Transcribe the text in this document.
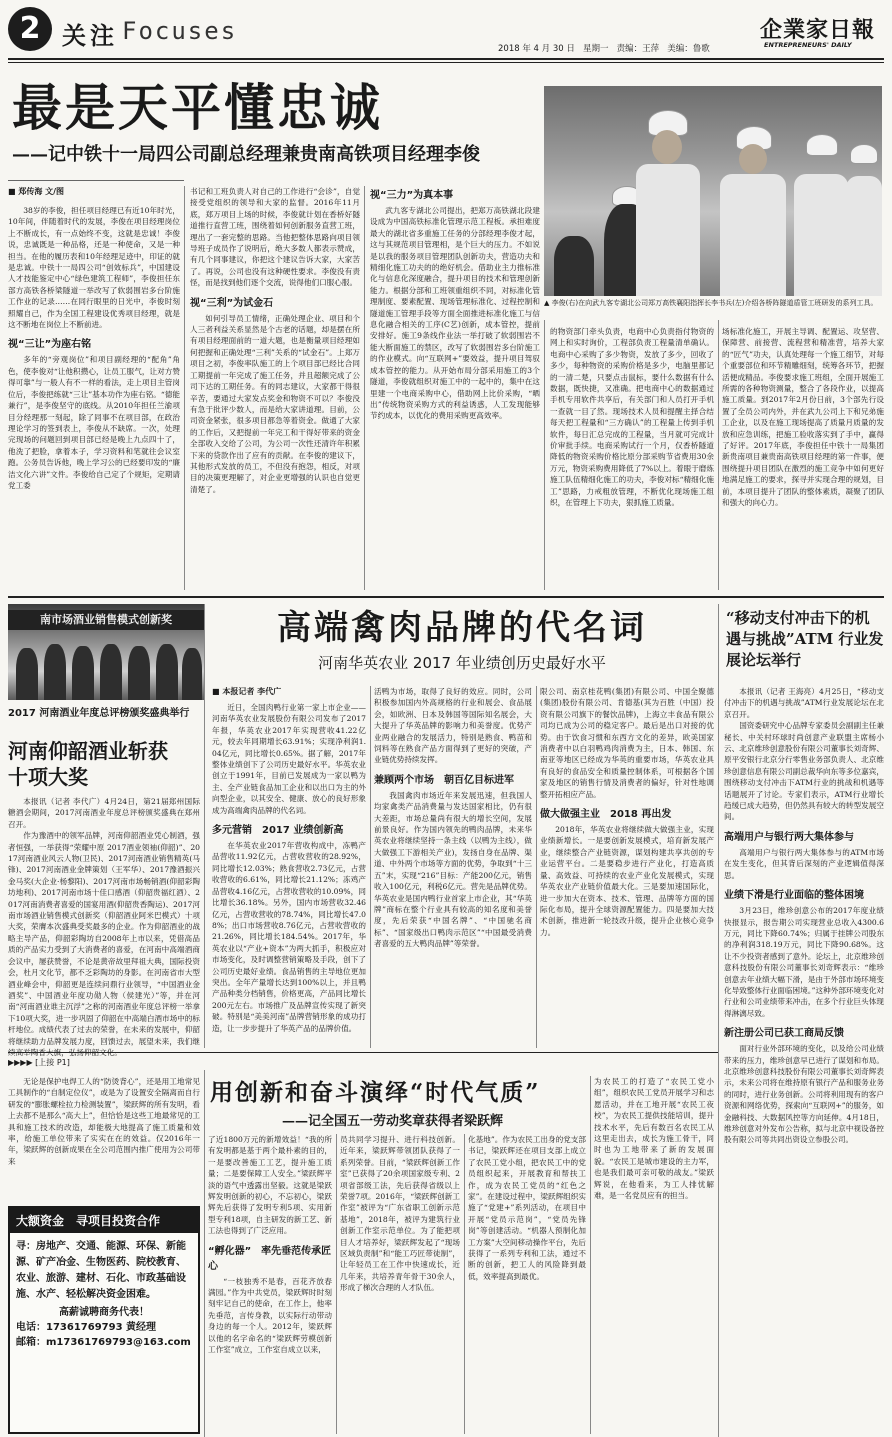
2 关注 Focuses
2018 年 4 月 30 日 星期一 责编：王萍 美编：鲁歌
企業家日報
ENTREPRENEURS' DAILY
最是天平懂忠诚
——记中铁十一局四公司副总经理兼贵南高铁项目经理李俊
▲ 李俊(右)在向武九客专湖北公司郑万高铁襄阳指挥长李书兵(左)介绍各桥阵隧道盾管工班研发的系列工具。
■ 郑传海 文/图
38岁的李俊，担任项目经理已有近10年时光，10年间，伴随着时代的发展，李俊在项目经理岗位上不断成长，有一点始终不变，这就是忠诚！李俊说，忠诚既是一种品格，还是一种使命，又是一种担当。在他的履历表和10年经理足迹中，印证的就是忠诚。中铁十一局四公司“创效标兵”，中国建设人才技能鉴定中心“绿色建筑工程师”，李俊担任东部方高铁各桥梁隧道一举改写了软弱围岩多台阶施工作业的记录……在同行眼里的日光中，李俊时刻照耀自己，作为全国工程建设优秀项目经理，就是这不断地在岗位上不断前进。
视“三让”为座右铭
多年的“旁观岗位”和项目副经理的“配角”角色，使李俊对“让他积攒心，让员工服气，让对方赞得可靠”与一般人有不一样的看法，走上项目主管岗位后，李俊把练就“三让”基本功作为座右铭。“德能兼行”，是李俊坚守的底线。从2010年担任兰渝项目分经理那一刻起，除了同事不在项目部，在政治理论学习的签到表上，李俊从不缺席。一次，处理完现场的问题回到项目部已经是晚上九点四十了，他洗了把脸，拿着本子，学习资料和笔就往会议室跑。公务员告诉他，晚上学习公的已经要印发的“廉洁文化六讲”文件。李俊给自己定了个规矩，定期请党工委
书记和工班负责人对自己的工作进行“会诊”，自觉接受党组织的领导和大家的监督。2016年11月底，郑万项目上场的时候，李俊就计划在香桥好隧道推行直营工班，围绕着如何创新服务直营工班，理出了一套完整的思路。当他把整体思路向项目领导班子成员作了说明后，绝大多数人都表示赞成，有几个同事建议，你把这个建议告诉大家，大家苦了。再说，公司也没有这种硬性要求。李俊没有责怪，而是找到他们逐个交流，说得他们口服心服。
视“三利”为试金石
如何引导员工情绪，正确处理企业、项目和个人三者利益关系显然是个古老的话题，却是摆在所有项目经理面前的一道大题，也是衡量项目经理如何把握和正确处理“三利”关系的“试金石”。上郑万项目之初，李俊率队施工的上个项目部已经比合同工期提前一年完成了施工任务，并且超额完成了公司下达的工期任务。有的同志建议，大家都干得很辛苦，要通过大家发点奖金和物资不可以？李俊没有急于批评少数人，而是给大家讲道理。目前，公司资金紧张，很多项目都急等着资金。做通了大家的工作后，又把提前一年完工和干得好带来的资金全部收入交给了公司，为公司一次性还清许年积累下来的贷款作出了应有的贡献。在李俊的建议下，其他形式发放的员工，不但没有抱怨，相反，对项目的决策更理解了，对企业更增强的认识也自觉更清楚了。
视“三力”为真本事
武九客专湖北公司提出，把郑万高铁湖北段建设成为中国高铁标准化管理示范工程板。承担难度最大的湖北省多重施工任务的分部经理李俊才起，这与其规范项目管理相，是个巨大的压力。不如说是以我的服务项目管理团队创新功夫，营造功夫和精细化施工功夫的的绝好机会。借助业主力推标准化与信息化深度融合，提升项目的技术和管理创新能力。根据分部和工班领重组织不同，对标准化管理制度、要素配置、现场管理标准化、过程控制和隧道施工管理手段等方面全面推进标准化施工与信息化融合相关的工序(C艺)创新，成本管控，提前安排好。施工9条线作业法一举打破了软弱围岩不能大断面施工的禁区，改写了软弱围岩多台阶施工的作业模式。向“互联网+”要效益，提升项目驾驭成本管控的能力。从开始布局分部采用施工的3个隧道，李俊就组织对施工中的一起中的，集中在这里建一个电商采购中心，借助网上比价采购，“晒出”传统物资采购方式的利益诱惑，人工发现能够节约成本，以优化的费用采购更高效率。
的物资部门牵头负责，电商中心负责指付物资的网上和实时询价，工程部负责工程量清单确认。电商中心采购了多少物资，发放了多少，回收了多少，每种物资的采购价格是多少，电脑里都记的一清二楚，只要点击鼠标，要什么数据有什么数据，既快捷，又准确。把电商中心的数据通过手机专用软件共享后，有关部门和人员打开手机一查就一目了然。现场技术人员和提醒主择合结每天把工程量和“三方确认”的工程量上传到手机软件，每日汇总完成的工程量，当月就可完成计价审批手续。电商采购试行一个月，仅香桥隧道降低的物资采购价格比原分部采购节省费用30余万元，物资采购费用降低了7%以上。着眼于磨炼施工队伍精细化施工的功夫，李俊对标“精细化施工”思路，力戒粗放管理，不断优化现场施工组织，在管理上下功夫，狠抓施工质量。
场标准化施工，开展主导调、配置运、攻坚营、保障营、前接营、流程营和精准营，培养大家的“匠气”功夫，认真处理每一个施工细节，对每个重要部位和环节精雕细刻，统筹各环节，把握活便成精品。李俊要求施工班组，全面开展施工所需的各种物资测量，整合了各段作业，以提高施工质量。到2017年2月份日前，3个部先行设置了全员公司内外，并在武九公司上下和兄弟施工企业，以及在施工现场提高了质量月质量的发放和应急训练，把施工验收落实到了手中，赢得了好评。2017年底，李俊担任中铁十一局集团新贵南项目兼贵南高铁项目经理的第一件事，便围绕提升项目团队在激烈的施工竞争中如何更好地满足施工的要求，探寻并实现合理的规划，目前，本项目提升了团队的整体素质，凝聚了团队和强大的向心力。
南市场酒业销售模式创新奖
2017 河南酒业年度总评榜颁奖盛典举行
河南仰韶酒业斩获十项大奖
本报讯（记者 李代广）4月24日，第21届郑州国际糖酒会期间，2017河南酒业年度总评榜颁奖盛典在郑州召开。
作为豫酒中的领军品牌，河南仰韶酒业凭心制酒，强者恒强，一举获得“荣耀中原 2017酒业领袖(仰韶)”、2017河南酒业风云人物(卫民)、2017河南酒业销售精英(马锋)、2017河南酒业金牌策划（王军华）、2017豫酒振兴金马奖(大企业·杨黎阳)、2017河南市场畅销酒(仰韶彩陶坊地利)、2017河南市场十佳口感酒（仰韶贵福红酒）、2017河南消费者喜爱的国宴用酒(仰韶贵香陶运)、2017河南市场酒业销售模式创新奖（仰韶酒业阿米巴模式）十项大奖，荣膺本次盛典受奖最多的企业。作为仰韶酒业的战略主导产品，仰韶彩陶坊自2008年上市以来，凭借高品质的产品实力受到了大消费者的喜爱，在河南中高端酒商会议中，屡获赞誉，不论是黄帝故里拜祖大典，国际投资会，杜月文化节，都不乏彩陶坊的身影。在河南省市大型酒业峰会中，仰韶更是连续问鼎行业领导，“中国酒业金酒奖”、中国酒业年度功勋人物（侯建光）”等，并在河南“河南酒业谁主沉浮”之称的河南酒业年度总评榜一举拿下10项大奖，进一步巩固了仰韶在中高端白酒市场中的标杆地位。成绩代表了过去的荣誉，在未来的发展中，仰韶将继续助力品牌发展力度，回馈过去，展望未来，我们继
高端禽肉品牌的代名词
河南华英农业 2017 年业绩创历史最好水平
■ 本报记者 李代广
近日，全国肉鸭行业第一家上市企业——河南华英农业发展股份有限公司发布了2017年报，华英农业2017年实现营收41.22亿元，较去年同期增长63.91%；实现净利润1.04亿元，同比增长0.65%。据了解，2017年整体业绩创下了公司历史最好水平。华英农业创立于1991年，目前已发展成为一家以鸭为主、全产业链食品加工企业和以出口为主的外向型企业，以其安全、健康、放心的良好形象成为高端禽肉品牌的代名词。
多元营销　2017 业绩创新高
在华英农业2017年营收构成中，冻鸭产品营收11.92亿元，占营收营收的28.92%，同比增长12.03%；熟食营收2.73亿元，占营收营收的6.61%，同比增长21.12%；冻鸡产品营收4.16亿元，占营收营收的10.09%，同比增长36.18%。另外，国内市场营收32.46亿元，占营收营收的78.74%，同比增长47.08%；出口市场营收8.76亿元，占营收营收的21.26%，同比增长184.54%。2017年，华英农业以“产业+资本”为两大抓手，积极应对市场变化，及时调整营销策略及手段，创下了公司历史最好业绩。食品销售的主导地位更加突出。全年产量增长达到100%以上，并且鸭产品种类分档销售，价格更高，产品同比增长200元左右。市场推广及品牌宣传实现了新突破。特别是“美美河南”品牌营销形象的成功打造，让一步步提升了华英产品的品牌价值。
活鸭为市场，取得了良好的效应。同时，公司积极参加国内外高规格的行业和展会、食品展会，如欧洲、日本及韩国等国际知名展会，大大提升了华英品牌的影响力和美誉度。优势产业两业融合的发展活力，特别是熟食、鸭苗和饲料等在熟食产品方面得到了更好的突破，产业链优势持续发挥。
兼顾两个市场　朝百亿目标进军
我国禽肉市场近年来发展迅速，但我国人均家禽类产品消费量与发达国家相比，仍有很大差距，市场总量尚有很大的增长空间，发展前景良好。作为国内领先的鸭肉品牌，未来华英农业将继续坚持一条主线（以鸭为主线），做大做强工下游相关产业)，发扬自身在品牌、渠道、中外两个市场等方面的优势，争取到“十三五”末，实现“216”目标：产能200亿元，销售收入100亿元，利税6亿元。营先是品牌优势。华英农业是国内鸭行业首家上市企业，其“华英牌”商标在整个行业具有较高的知名度和美誉度，先后荣获“中国名牌”、“中国驰名商标”、“国家级出口鸭肉示范区”“中国最受消费者喜爱的五大鸭肉品牌”等荣誉。
限公司、南京桂花鸭(集团)有限公司、中国全聚德(集团)股份有限公司、肯德基(其为百胜（中国）投资有限公司旗下的餐饮品牌)，上海立丰食品有限公司均已成为公司的稳定客户。最后是出口对接的优势。由于饮食习惯和东西方文化的差异，欧美国家消费者中以白羽鸭鸡肉消费为主，日本、韩国、东南亚等地区已经成为华英的重要市场，华英农业具有良好的食品安全和质量控制体系，可根据各个国家及地区的销售行情及消费者的偏好，针对性地调整开拓相应产品。
做大做强主业　2018 再出发
2018年，华英农业将继续做大做强主业，实现业绩新增长。一是要创新发展模式，培育新发展产业，继续整合产业链资源，谋划构建共享共创的专业运营平台。二是要稳步进行产业化，打造高质量、高效益、可持续的农业产业化发展模式，实现华英农业产业链价值最大化。三是要加速国际化，进一步加大在资本、技术、管理、品牌等方面的国际化布局，提升全球资源配置能力。四是要加大技术创新，推进新一轮技改升级，提升企业核心竞争力。
“移动支付冲击下的机遇与挑战”ATM 行业发展论坛举行
本报讯（记者 王海亮）4月25日，“移动支付冲击下的机遇与挑战”ATM行业发展论坛在北京召开。
国资委研究中心品牌专家委员会副副主任兼秘长、中关村环球时尚创意产业联盟主席杨小云、北京维珍创意股份有限公司董事长刘奇辉、原平安银行北京分行零售业务部负责人、北京维珍创意信息有限公司副总裁华向东等多位嘉宾，围绕移动支付冲击下ATM行业的挑战和机遇等话题展开了讨论。专家们表示，ATM行业增长趋缓已成大趋势，但仍然具有较大的转型发展空间。
高端用户与银行两大集体参与
高端用户与银行两大集体参与的ATM市场在发生变化，但其背后深刻的产业逻辑值得深思。
业绩下滑是行业面临的整体困境
3月23日，维珍创意公布的2017年度业绩快报显示，报告期公司实现营业总收入4300.6万元，同比下降60.74%；归属于挂牌公司股东的净利润318.19万元，同比下降90.68%。这让不少投资者感到了意外。论坛上，北京维珍创意科技股份有限公司董事长刘奇辉表示：“维珍创意去年业绩大幅下滑，是由于外部市场环境变化导致整体行业面临困境。”这种外部环境变化对行业和公司业绩带来冲击，在多个行业巨头体现得淋漓尽致。
新注册公司已获工商局反馈
面对行业外部环境的变化，以及给公司业绩带来的压力，维珍创意早已进行了谋划和布局。北京维珍创意科技股份有限公司董事长刘奇辉表示，未来公司将在维持原有银行产品和服务业务的同时，进行业务创新。公司将利用现有的客户资源和网络优势，探索向“互联网+”的服务，如金融科技、大数据风控等方向延伸。4月18日，维珍创意对外发布公告称，拟与北京中视设备控股有限公司等共同出资设立参股公司。
▶▶▶▶ [上接 P1]
用创新和奋斗演绎“时代气质”
——记全国五一劳动奖章获得者梁跃辉
无论是保护电焊工人的“防烫背心”，还是用工地常见工具制作的“自制定位仪”，或是为了设置安全隔离而自行研发的“膨胀螺栓拉力检测装置”，梁跃辉的所有发明，看上去都不是那么“高大上”，但恰恰是这些工地最常见的工具和施工技术的改造，却能极大地提高了施工质量和效率，给施工单位带来了实实在在的效益。仅2016年一年，梁跃辉的创新成果在全公司范围内推广使用为公司带来
了近1800万元的新增效益！“我的所有发明都是基于两个最朴素的目的，一是要改善施工工艺，提升施工质量；二是要保障工人安全。”梁跃辉平淡的语气中透露出坚毅。这就是梁跃辉发明创新的初心，不忘初心，梁跃辉先后获得了发明专利5项、实用新型专利18项，自主研发的新工艺、新工法也得到了广泛应用。
“孵化器”　率先垂范传承匠心
“一枝独秀不是春，百花齐放春满园。”作为中共党员，梁跃辉时时刻刻牢记自己的使命，在工作上，他率先垂范，言传身教，以实际行动带动身边的每一个人。2012年，梁跃辉以他的名字命名的“梁跃辉劳模创新工作室”成立，工作室自成立以来，
员共同学习提升、进行科技创新。近年来，梁跃辉带领团队获得了一系列荣誉。目前，“梁跃辉创新工作室”已获得了20余项国家级专利、2项省部级工法，先后获得省级以上荣誉7项。2016年，“梁跃辉创新工作室”被评为“广东省职工创新示范基地”，2018年，被评为建筑行业创新工作室示范单位。为了能把项目人才培养好，梁跃辉发起了“现场区域负责制”和“能工巧匠带徒制”，让年轻员工在工作中快速成长，近几年来，共培养青年骨干30余人，形成了梯次合理的人才队伍。
化基地”。作为农民工出身的党支部书记，梁跃辉还在项目支部上成立了农民工党小组，把农民工中的党员组织起来，开展教育和帮扶工作，成为农民工党员的“红色之家”。在建设过程中，梁跃辉组织实施了“党建+”系列活动，在项目中开展“党员示范岗”，“党员先锋岗”等创建活动。“机器人预制化加工方案”大空间移动操作平台，先后获得了一系列专利和工法，通过不断的创新，把工人的风险降到最低，效率提高到最优。
为农民工的打造了“农民工党小组”，组织农民工党员开展学习和志愿活动，并在工地开展“农民工夜校”，为农民工提供技能培训，提升技术水平，先后有数百名农民工从这里走出去，成长为施工骨干，同时也为工地带来了新的发展面貌。“农民工是城市建设的主力军，也是我们最可亲可敬的战友。”梁跃辉说，在他看来，为工人排忧解难，是一名党员应有的担当。
大额资金　寻项目投资合作
寻：房地产、交通、能源、环保、新能源、矿产冶金、生物医药、院校教育、农业、旅游、建材、石化、市政基础设施、水产、轻松解决资金困难。
高薪诚聘商务代表！
电话：17361769793 黄经理
邮箱：m17361769793@163.com
